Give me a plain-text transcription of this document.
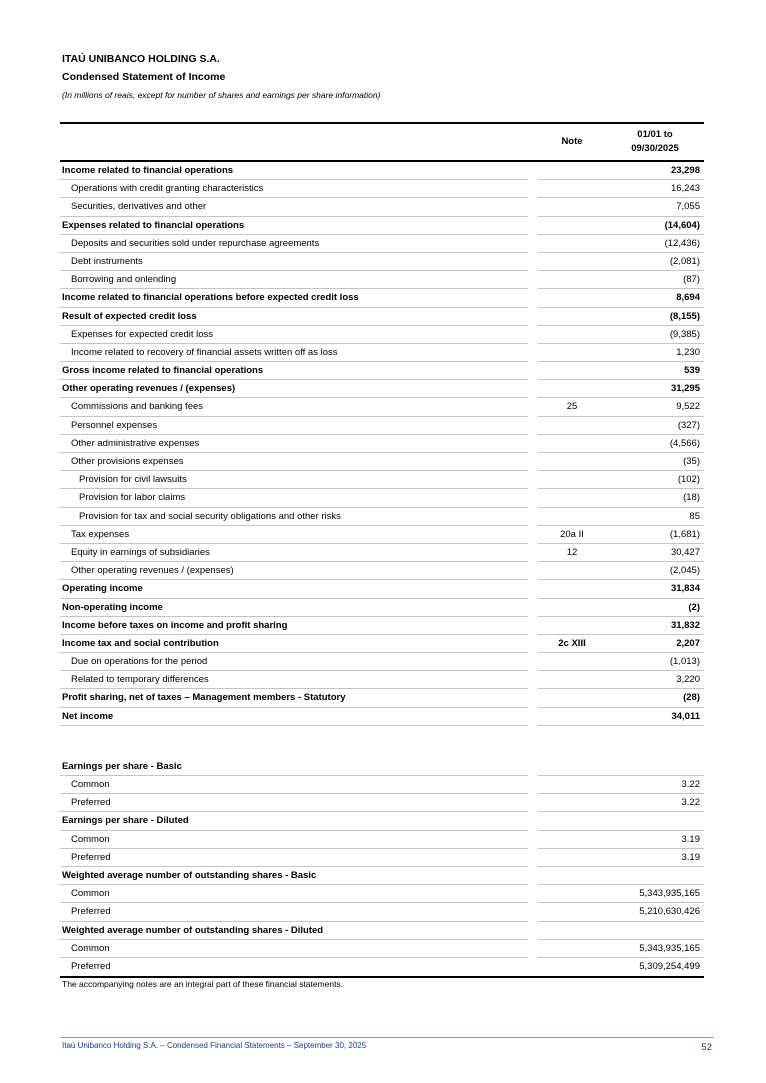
ITAÚ UNIBANCO HOLDING S.A.
Condensed Statement of Income
(In millions of reais, except for number of shares and earnings per share information)
Note
01/01 to
09/30/2025
Income related to financial operations	23,298
Operations with credit granting characteristics	16,243
Securities, derivatives and other	7,055
Expenses related to financial operations	(14,604)
Deposits and securities sold under repurchase agreements	(12,436)
Debt instruments	(2,081)
Borrowing and onlending	(87)
Income related to financial operations before expected credit loss	8,694
Result of expected credit loss	(8,155)
Expenses for expected credit loss	(9,385)
Income related to recovery of financial assets written off as loss	1,230
Gross income related to financial operations	539
Other operating revenues / (expenses)	31,295
Commissions and banking fees	25	9,522
Personnel expenses	(327)
Other administrative expenses	(4,566)
Other provisions expenses	(35)
Provision for civil lawsuits	(102)
Provision for labor claims	(18)
Provision for tax and social security obligations and other risks	85
Tax expenses	20a II	(1,681)
Equity in earnings of subsidiaries	12	30,427
Other operating revenues / (expenses)	(2,045)
Operating income	31,834
Non-operating income	(2)
Income before taxes on income and profit sharing	31,832
Income tax and social contribution	2c XIII	2,207
Due on operations for the period	(1,013)
Related to temporary differences	3,220
Profit sharing, net of taxes – Management members - Statutory	(28)
Net income	34,011
Earnings per share - Basic
Common	3.22
Preferred	3.22
Earnings per share - Diluted
Common	3.19
Preferred	3.19
Weighted average number of outstanding shares - Basic
Common	5,343,935,165
Preferred	5,210,630,426
Weighted average number of outstanding shares - Diluted
Common	5,343,935,165
Preferred	5,309,254,499
The accompanying notes are an integral part of these financial statements.
Itaú Unibanco Holding S.A. – Condensed Financial Statements – September 30, 2025	52
